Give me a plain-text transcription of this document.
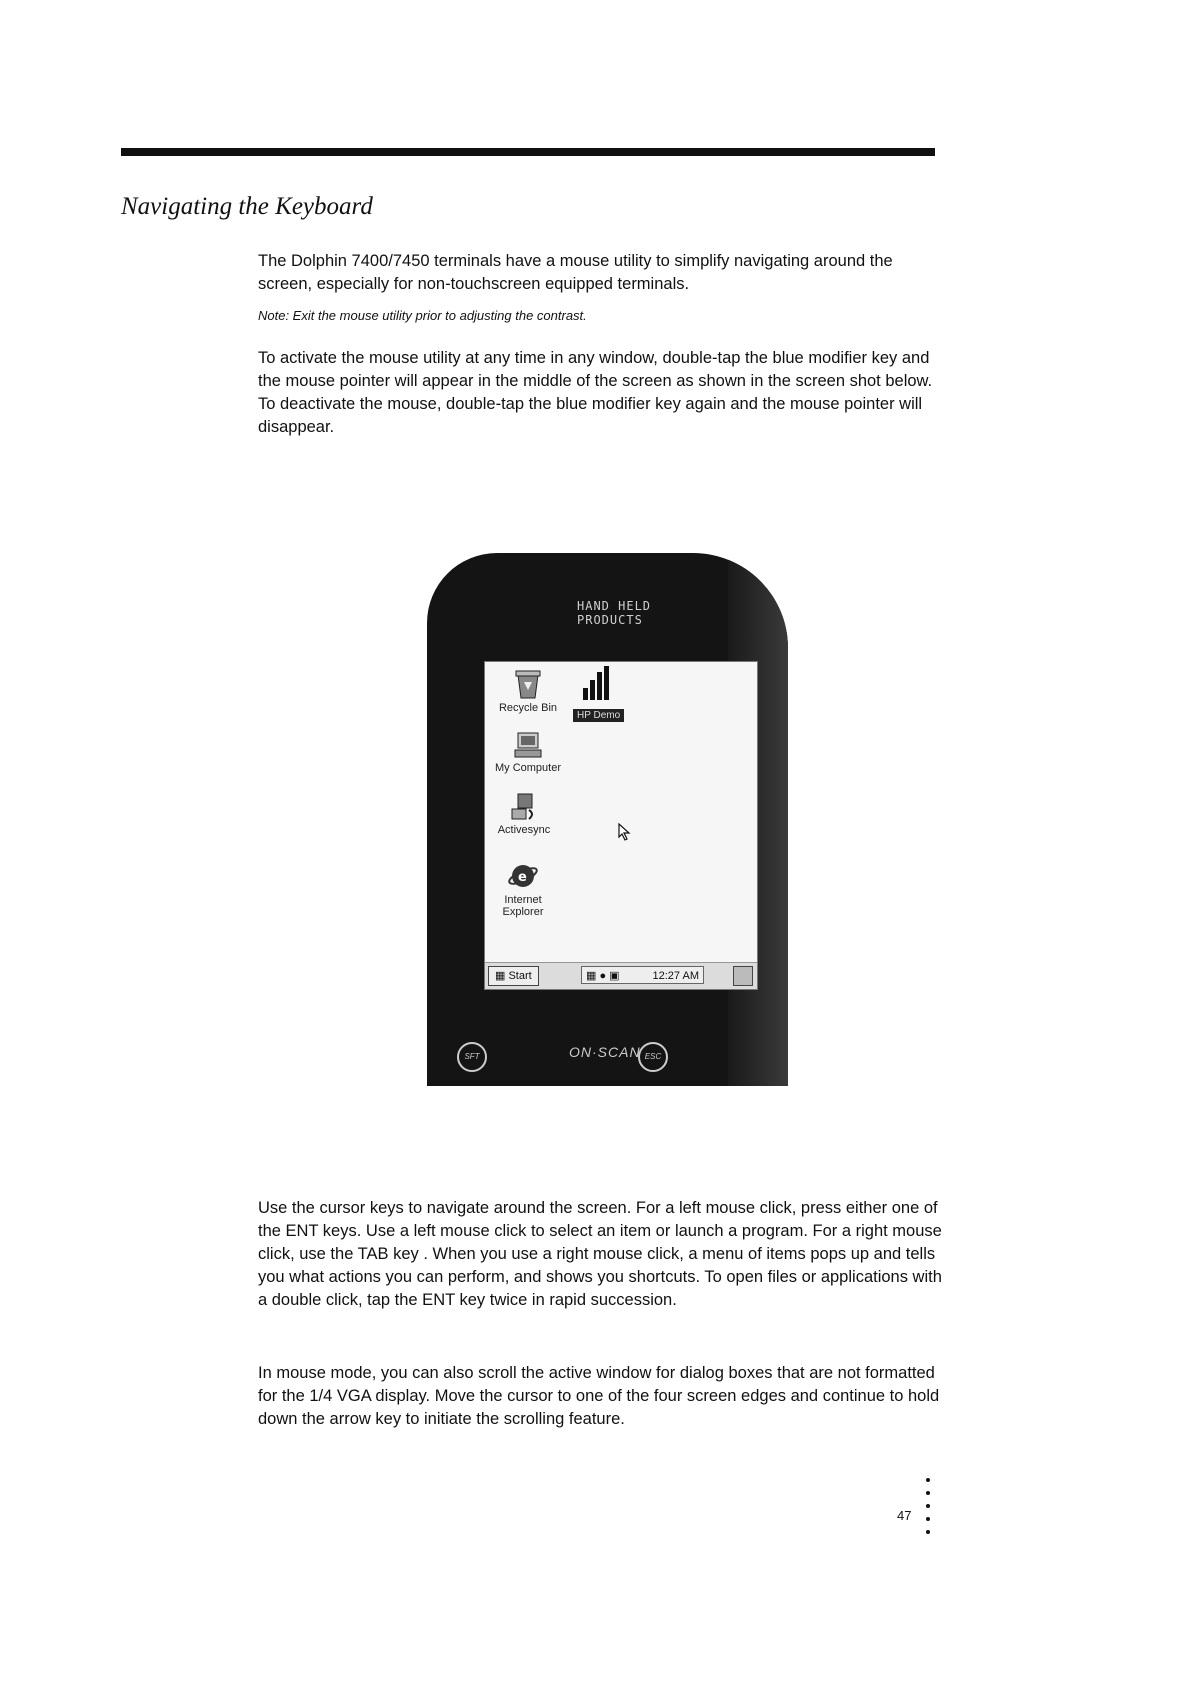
Navigating the Keyboard

The Dolphin 7400/7450 terminals have a mouse utility to simplify navigating around the screen, especially for non-touchscreen equipped terminals.

Note: Exit the mouse utility prior to adjusting the contrast.

To activate the mouse utility at any time in any window, double-tap the blue modifier key and the mouse pointer will appear in the middle of the screen as shown in the screen shot below. To deactivate the mouse, double-tap the blue modifier key again and the mouse pointer will disappear.

HAND HELD
PRODUCTS
Recycle Bin
HP Demo
My Computer
Activesync
e
Internet
Explorer
▦ Start	▦ ● ▣	12:27 AM
SFT	ON·SCAN ESC

Use the cursor keys to navigate around the screen. For a left mouse click, press either one of the ENT keys. Use a left mouse click to select an item or launch a program. For a right mouse click, use the TAB key . When you use a right mouse click, a menu of items pops up and tells you what actions you can perform, and shows you shortcuts. To open files or applications with a double click, tap the ENT key twice in rapid succession.

In mouse mode, you can also scroll the active window for dialog boxes that are not formatted for the 1/4 VGA display. Move the cursor to one of the four screen edges and continue to hold down the arrow key to initiate the scrolling feature.

47
